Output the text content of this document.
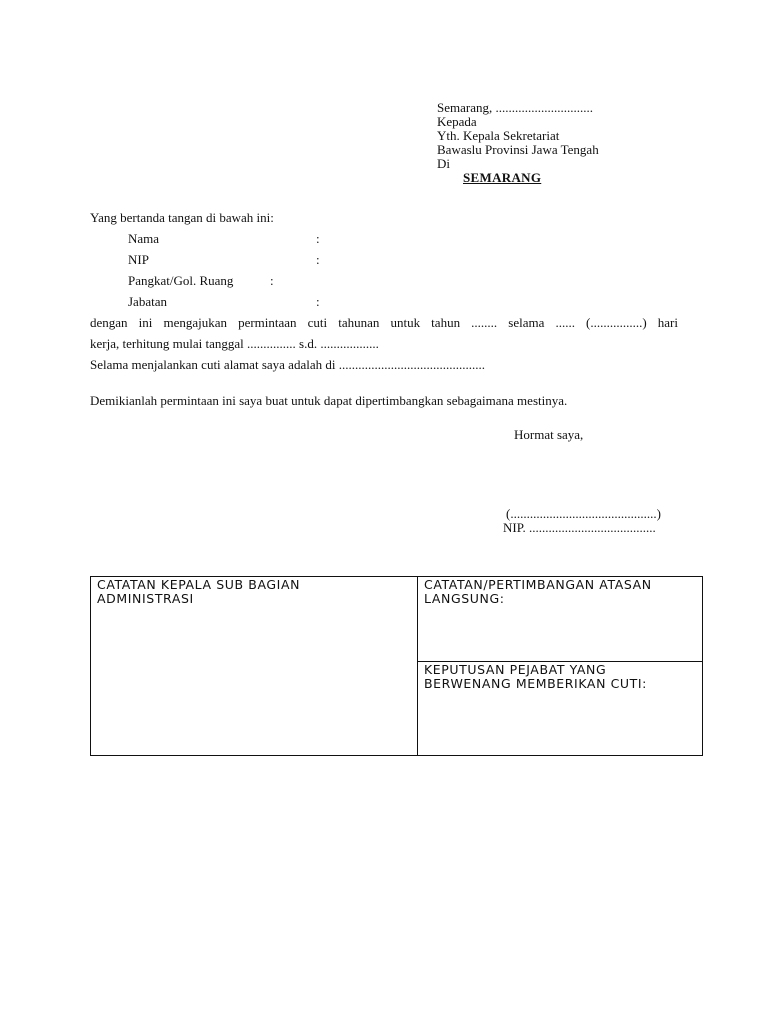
Semarang, ..............................
Kepada
Yth. Kepala Sekretariat
Bawaslu Provinsi Jawa Tengah
Di
SEMARANG
Yang bertanda tangan di bawah ini:
Nama	:
NIP	:
Pangkat/Gol. Ruang	:
Jabatan	:
dengan ini mengajukan permintaan cuti tahunan untuk tahun ........ selama ...... (................) hari
kerja, terhitung mulai tanggal ............... s.d. ..................
Selama menjalankan cuti alamat saya adalah di .............................................
Demikianlah permintaan ini saya buat untuk dapat dipertimbangkan sebagaimana mestinya.
Hormat saya,
(.............................................)
NIP. .......................................
CATATAN KEPALA SUB BAGIAN
ADMINISTRASI
CATATAN/PERTIMBANGAN ATASAN
LANGSUNG:
KEPUTUSAN PEJABAT YANG
BERWENANG MEMBERIKAN CUTI:
